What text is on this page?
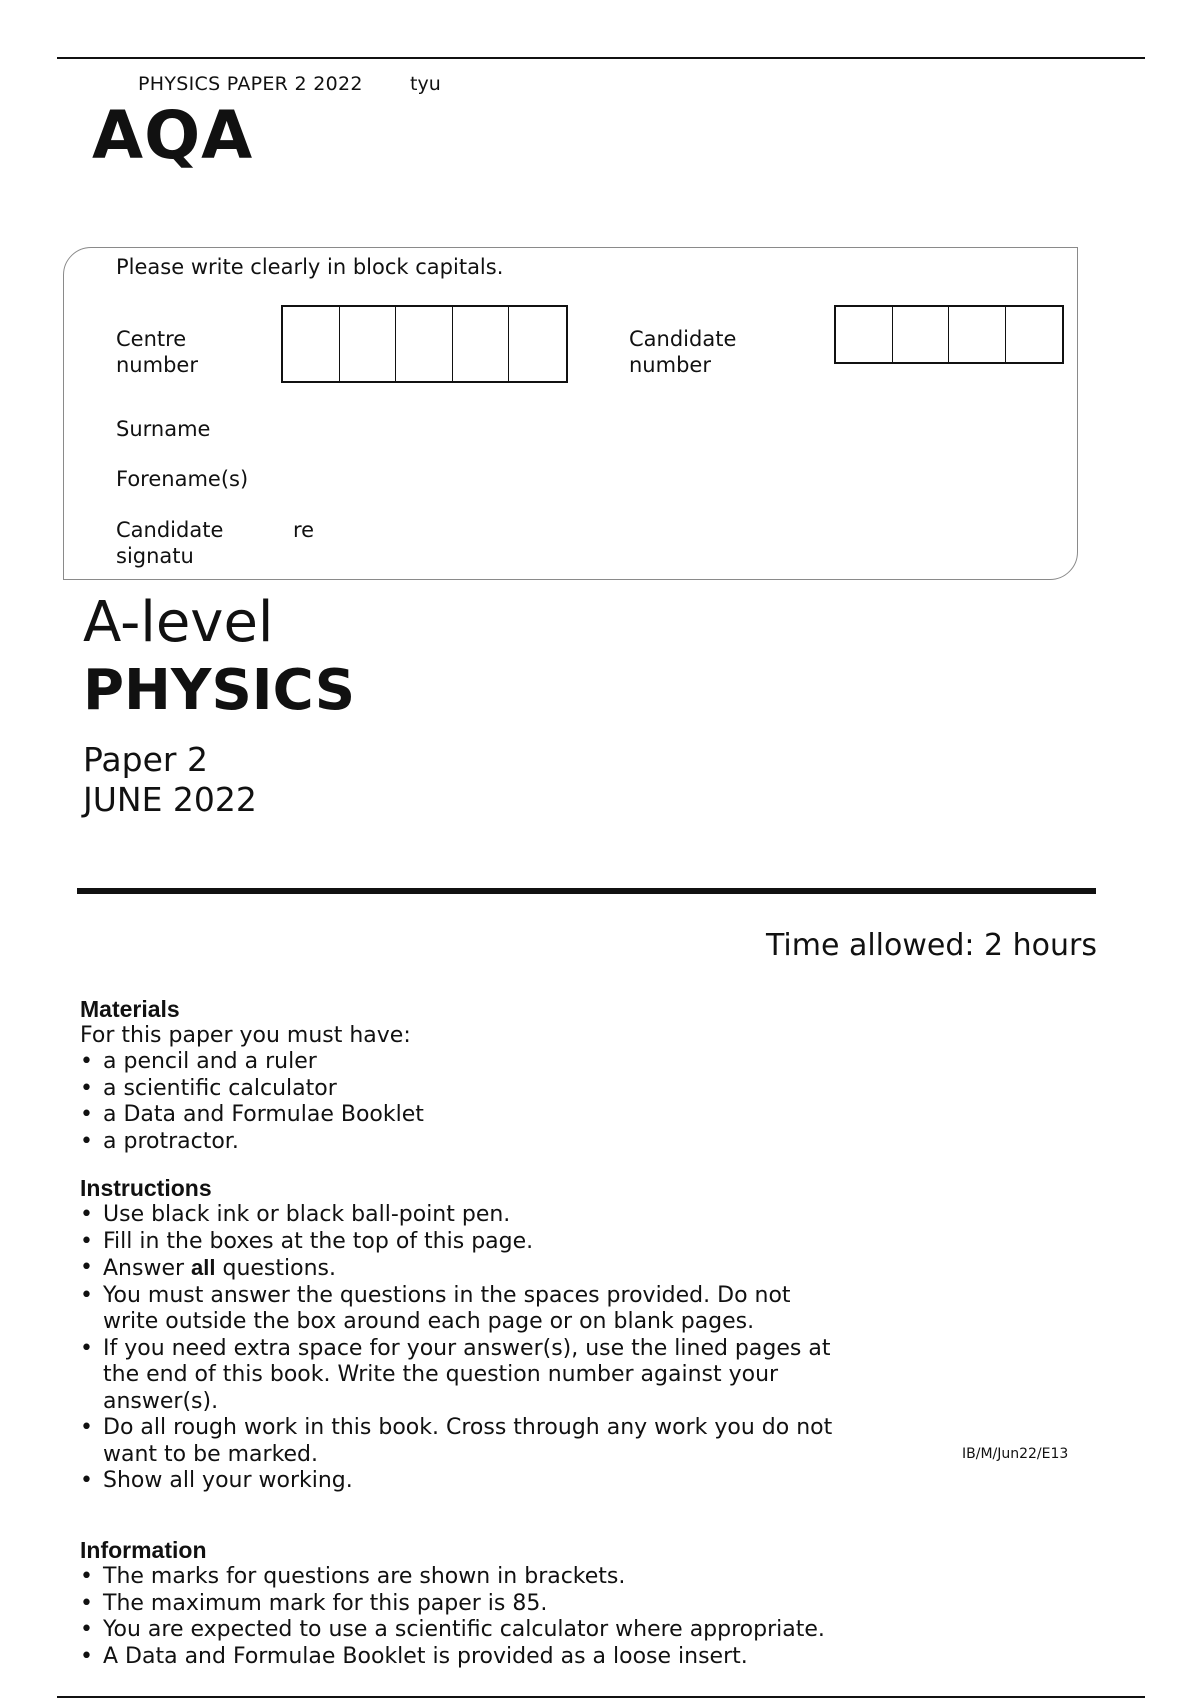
PHYSICS PAPER 2 2022 tyu
AQA
Please write clearly in block capitals.
Centre
number
Candidate
number
Surname
Forename(s)
Candidate
signatu
re
A-level
PHYSICS
Paper 2
JUNE 2022
Time allowed: 2 hours
Materials
For this paper you must have:
• a pencil and a ruler
• a scientific calculator
• a Data and Formulae Booklet
• a protractor.
Instructions
• Use black ink or black ball-point pen.
• Fill in the boxes at the top of this page.
• Answer all questions.
• You must answer the questions in the spaces provided. Do not write outside the box around each page or on blank pages.
• If you need extra space for your answer(s), use the lined pages at the end of this book. Write the question number against your answer(s).
• Do all rough work in this book. Cross through any work you do not want to be marked.
• Show all your working.
IB/M/Jun22/E13
Information
• The marks for questions are shown in brackets.
• The maximum mark for this paper is 85.
• You are expected to use a scientific calculator where appropriate.
• A Data and Formulae Booklet is provided as a loose insert.
